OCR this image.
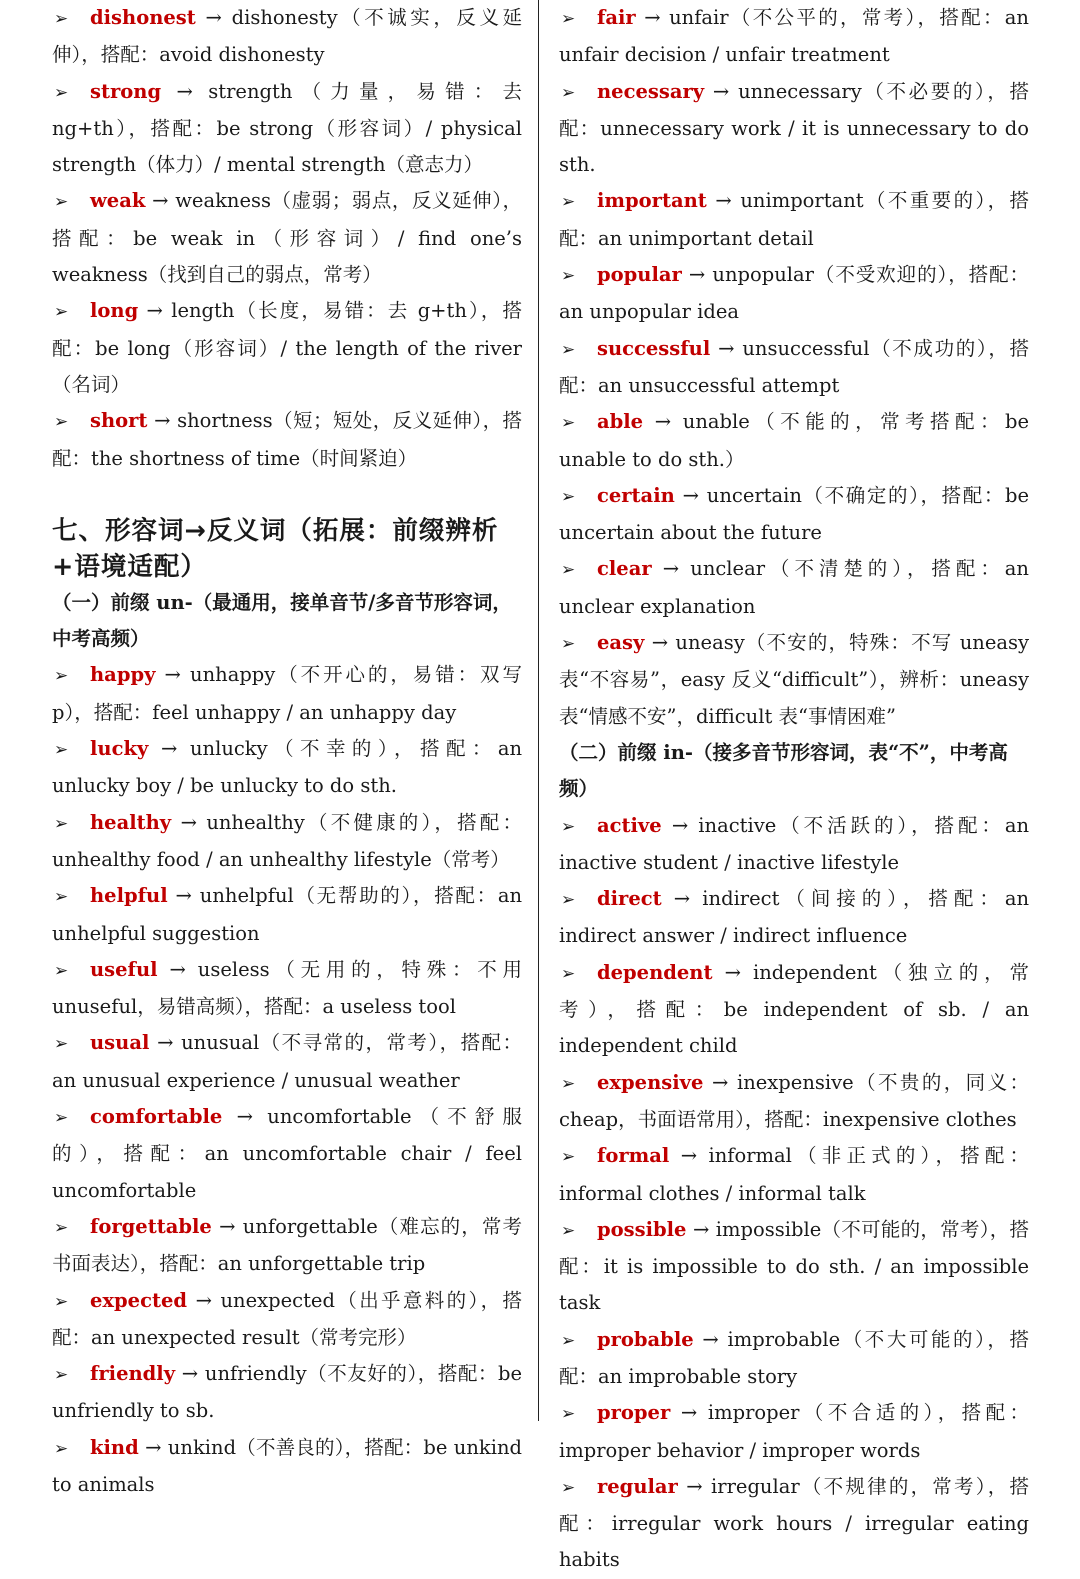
➢ dishonest → dishonesty（不诚实，反义延伸），搭配：avoid dishonesty

➢ strong → strength（力量，易错：去 ng+th），搭配：be strong（形容词）/ physical strength（体力）/ mental strength（意志力）

➢ weak → weakness（虚弱；弱点，反义延伸），搭配：be weak in（形容词）/ find one’s weakness（找到自己的弱点，常考）

➢ long → length（长度，易错：去 g+th），搭配：be long（形容词）/ the length of the river（名词）

➢ short → shortness（短；短处，反义延伸），搭配：the shortness of time（时间紧迫）

七、形容词→反义词（拓展：前缀辨析+语境适配）

（一）前缀 un-（最通用，接单音节/多音节形容词，中考高频）

➢ happy → unhappy（不开心的，易错：双写 p），搭配：feel unhappy / an unhappy day

➢ lucky → unlucky（不幸的），搭配：an unlucky boy / be unlucky to do sth.

➢ healthy → unhealthy（不健康的），搭配：unhealthy food / an unhealthy lifestyle（常考）

➢ helpful → unhelpful（无帮助的），搭配：an unhelpful suggestion

➢ useful → useless（无用的，特殊：不用 unuseful，易错高频），搭配：a useless tool

➢ usual → unusual（不寻常的，常考），搭配：an unusual experience / unusual weather

➢ comfortable → uncomfortable（不舒服的），搭配：an uncomfortable chair / feel uncomfortable

➢ forgettable → unforgettable（难忘的，常考书面表达），搭配：an unforgettable trip

➢ expected → unexpected（出乎意料的），搭配：an unexpected result（常考完形）

➢ friendly → unfriendly（不友好的），搭配：be unfriendly to sb.

➢ kind → unkind（不善良的），搭配：be unkind to animals

➢ fair → unfair（不公平的，常考），搭配：an unfair decision / unfair treatment

➢ necessary → unnecessary（不必要的），搭配：unnecessary work / it is unnecessary to do sth.

➢ important → unimportant（不重要的），搭配：an unimportant detail

➢ popular → unpopular（不受欢迎的），搭配：an unpopular idea

➢ successful → unsuccessful（不成功的），搭配：an unsuccessful attempt

➢ able → unable（不能的，常考搭配：be unable to do sth.）

➢ certain → uncertain（不确定的），搭配：be uncertain about the future

➢ clear → unclear（不清楚的），搭配：an unclear explanation

➢ easy → uneasy（不安的，特殊：不写 uneasy 表“不容易”，easy 反义“difficult”），辨析：uneasy 表“情感不安”，difficult 表“事情困难”

（二）前缀 in-（接多音节形容词，表“不”，中考高频）

➢ active → inactive（不活跃的），搭配：an inactive student / inactive lifestyle

➢ direct → indirect（间接的），搭配：an indirect answer / indirect influence

➢ dependent → independent（独立的，常考），搭配：be independent of sb. / an independent child

➢ expensive → inexpensive（不贵的，同义：cheap，书面语常用），搭配：inexpensive clothes

➢ formal → informal（非正式的），搭配：informal clothes / informal talk

➢ possible → impossible（不可能的，常考），搭配：it is impossible to do sth. / an impossible task

➢ probable → improbable（不大可能的），搭配：an improbable story

➢ proper → improper（不合适的），搭配：improper behavior / improper words

➢ regular → irregular（不规律的，常考），搭配：irregular work hours / irregular eating habits
